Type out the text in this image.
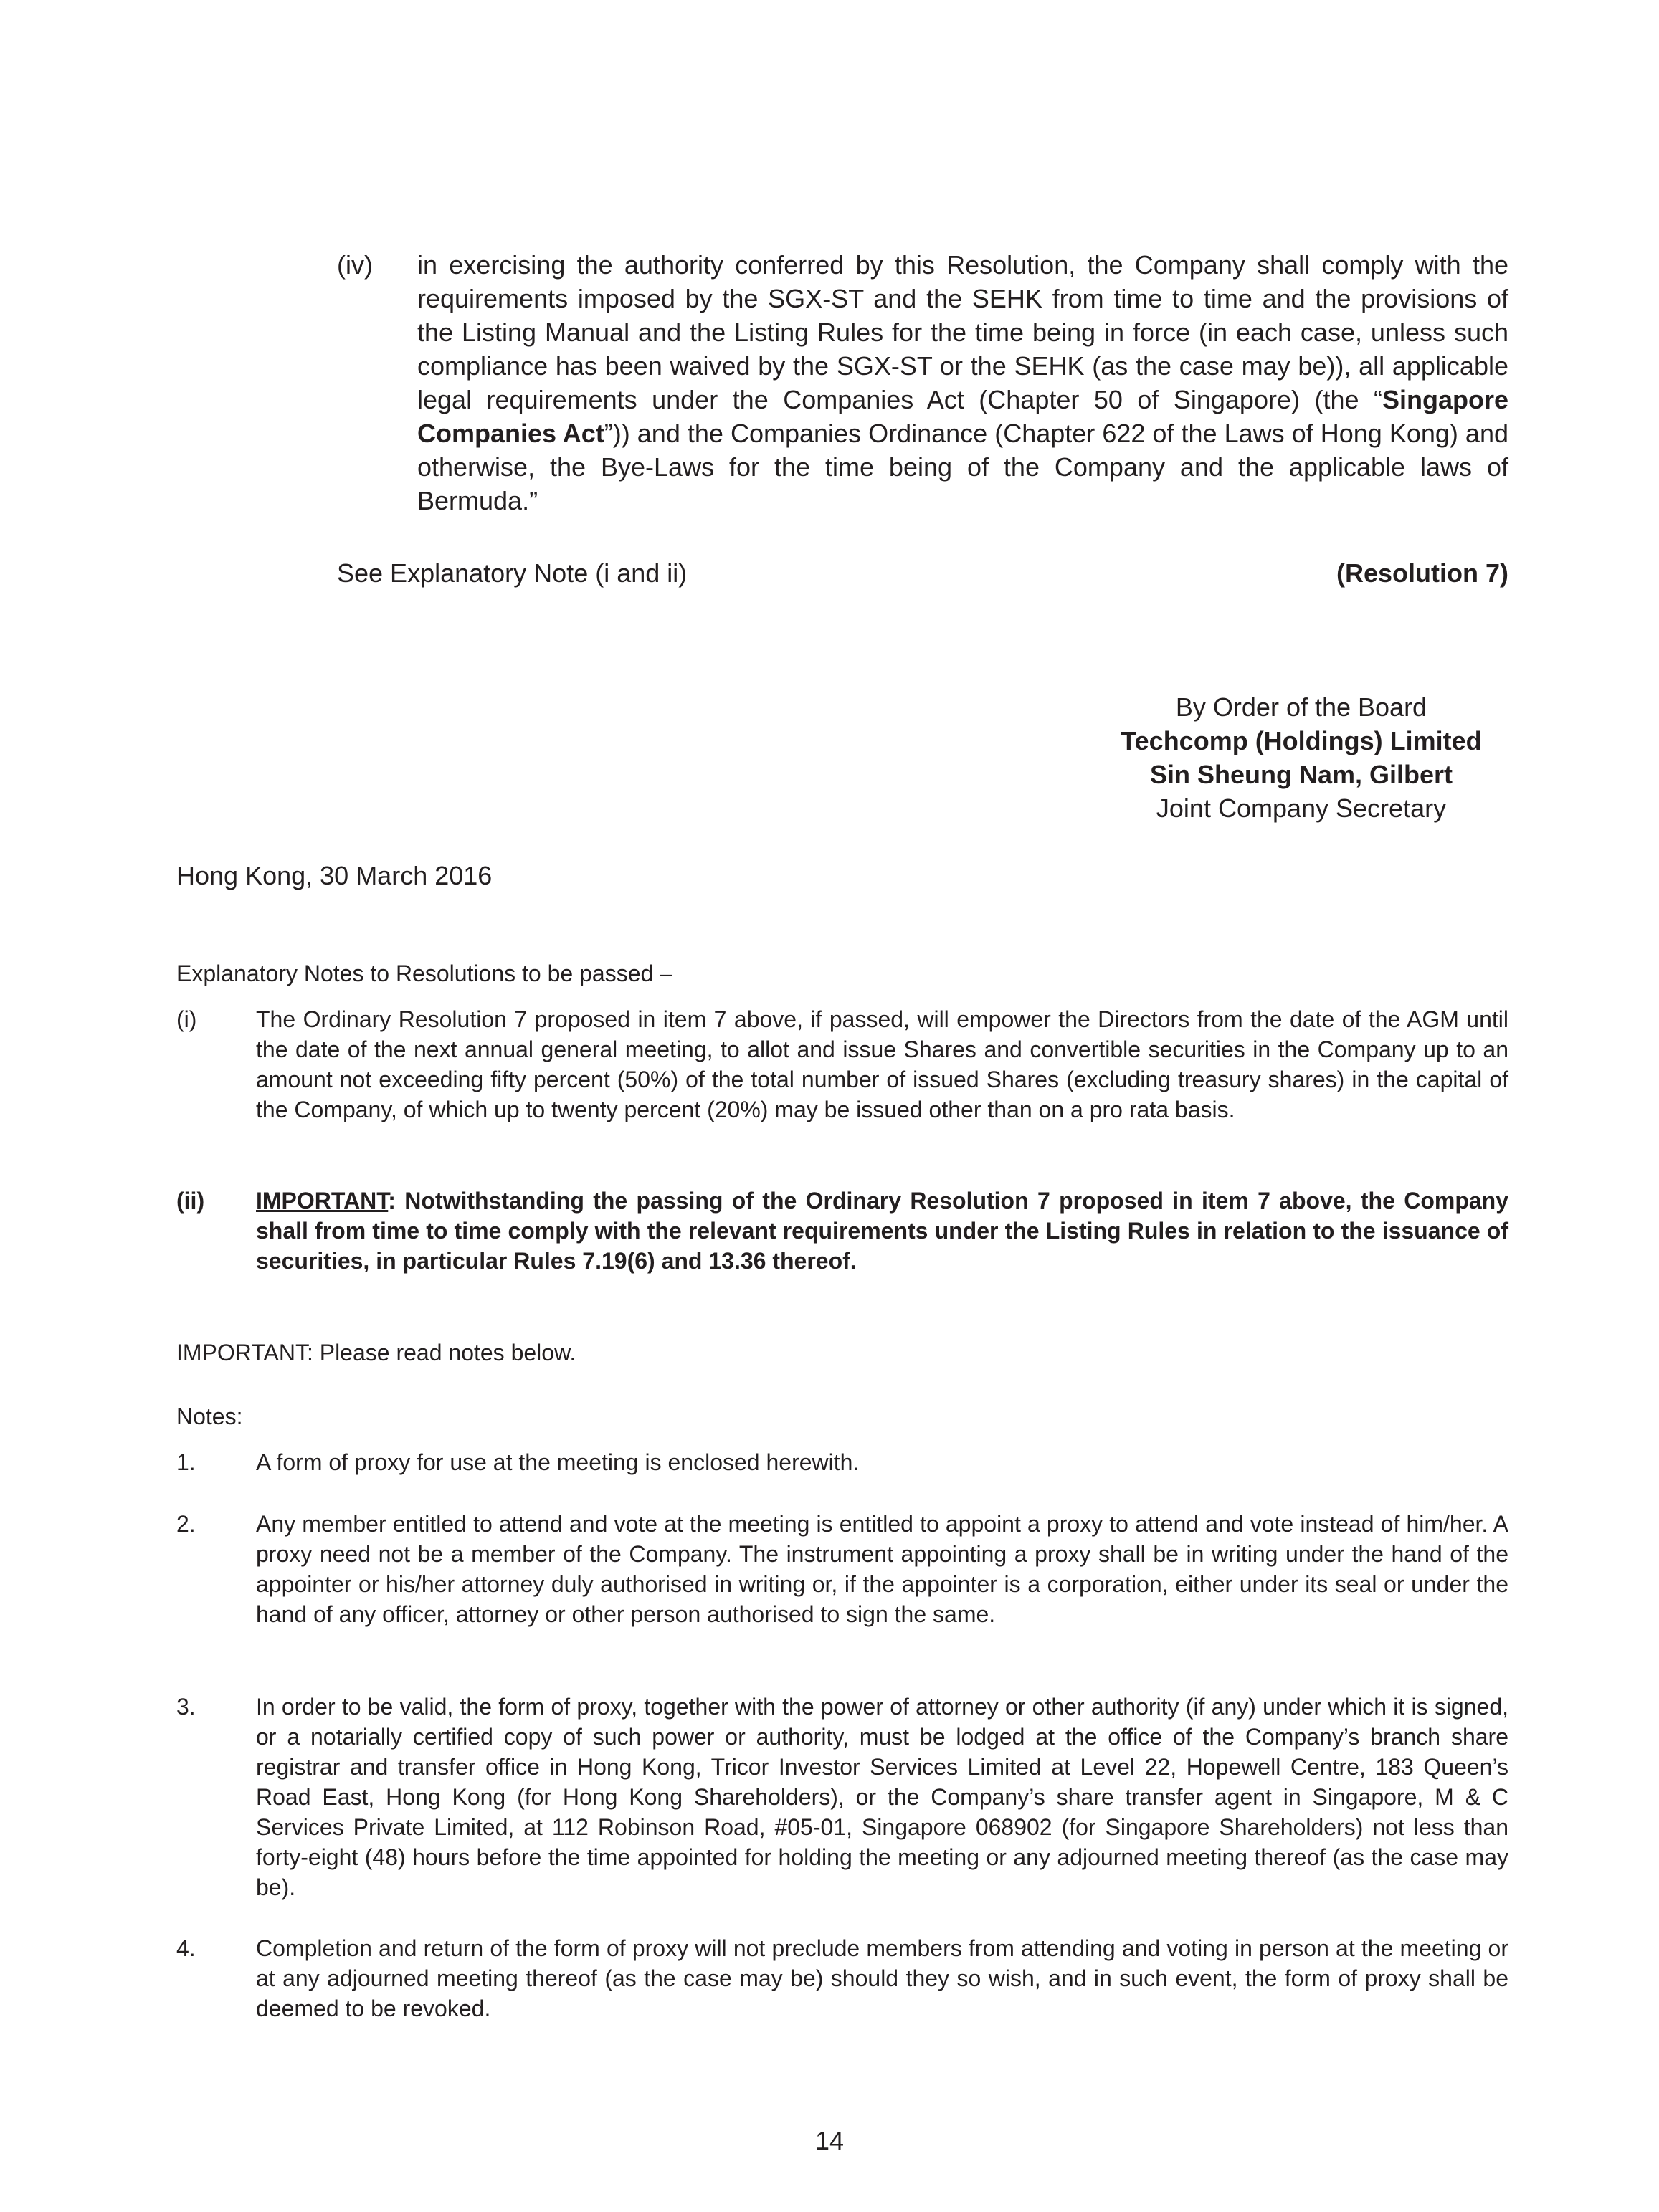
(iv) in exercising the authority conferred by this Resolution, the Company shall comply with the requirements imposed by the SGX-ST and the SEHK from time to time and the provisions of the Listing Manual and the Listing Rules for the time being in force (in each case, unless such compliance has been waived by the SGX-ST or the SEHK (as the case may be)), all applicable legal requirements under the Companies Act (Chapter 50 of Singapore) (the “Singapore Companies Act”)) and the Companies Ordinance (Chapter 622 of the Laws of Hong Kong) and otherwise, the Bye-Laws for the time being of the Company and the applicable laws of Bermuda.”
See Explanatory Note (i and ii)	(Resolution 7)
By Order of the Board
Techcomp (Holdings) Limited
Sin Sheung Nam, Gilbert
Joint Company Secretary
Hong Kong, 30 March 2016
Explanatory Notes to Resolutions to be passed –
(i)	The Ordinary Resolution 7 proposed in item 7 above, if passed, will empower the Directors from the date of the AGM until the date of the next annual general meeting, to allot and issue Shares and convertible securities in the Company up to an amount not exceeding fifty percent (50%) of the total number of issued Shares (excluding treasury shares) in the capital of the Company, of which up to twenty percent (20%) may be issued other than on a pro rata basis.
(ii) IMPORTANT: Notwithstanding the passing of the Ordinary Resolution 7 proposed in item 7 above, the Company shall from time to time comply with the relevant requirements under the Listing Rules in relation to the issuance of securities, in particular Rules 7.19(6) and 13.36 thereof.
IMPORTANT: Please read notes below.
Notes:
1.	A form of proxy for use at the meeting is enclosed herewith.
2.	Any member entitled to attend and vote at the meeting is entitled to appoint a proxy to attend and vote instead of him/her. A proxy need not be a member of the Company. The instrument appointing a proxy shall be in writing under the hand of the appointer or his/her attorney duly authorised in writing or, if the appointer is a corporation, either under its seal or under the hand of any officer, attorney or other person authorised to sign the same.
3.	In order to be valid, the form of proxy, together with the power of attorney or other authority (if any) under which it is signed, or a notarially certified copy of such power or authority, must be lodged at the office of the Company’s branch share registrar and transfer office in Hong Kong, Tricor Investor Services Limited at Level 22, Hopewell Centre, 183 Queen’s Road East, Hong Kong (for Hong Kong Shareholders), or the Company’s share transfer agent in Singapore, M & C Services Private Limited, at 112 Robinson Road, #05-01, Singapore 068902 (for Singapore Shareholders) not less than forty-eight (48) hours before the time appointed for holding the meeting or any adjourned meeting thereof (as the case may be).
4.	Completion and return of the form of proxy will not preclude members from attending and voting in person at the meeting or at any adjourned meeting thereof (as the case may be) should they so wish, and in such event, the form of proxy shall be deemed to be revoked.
14
